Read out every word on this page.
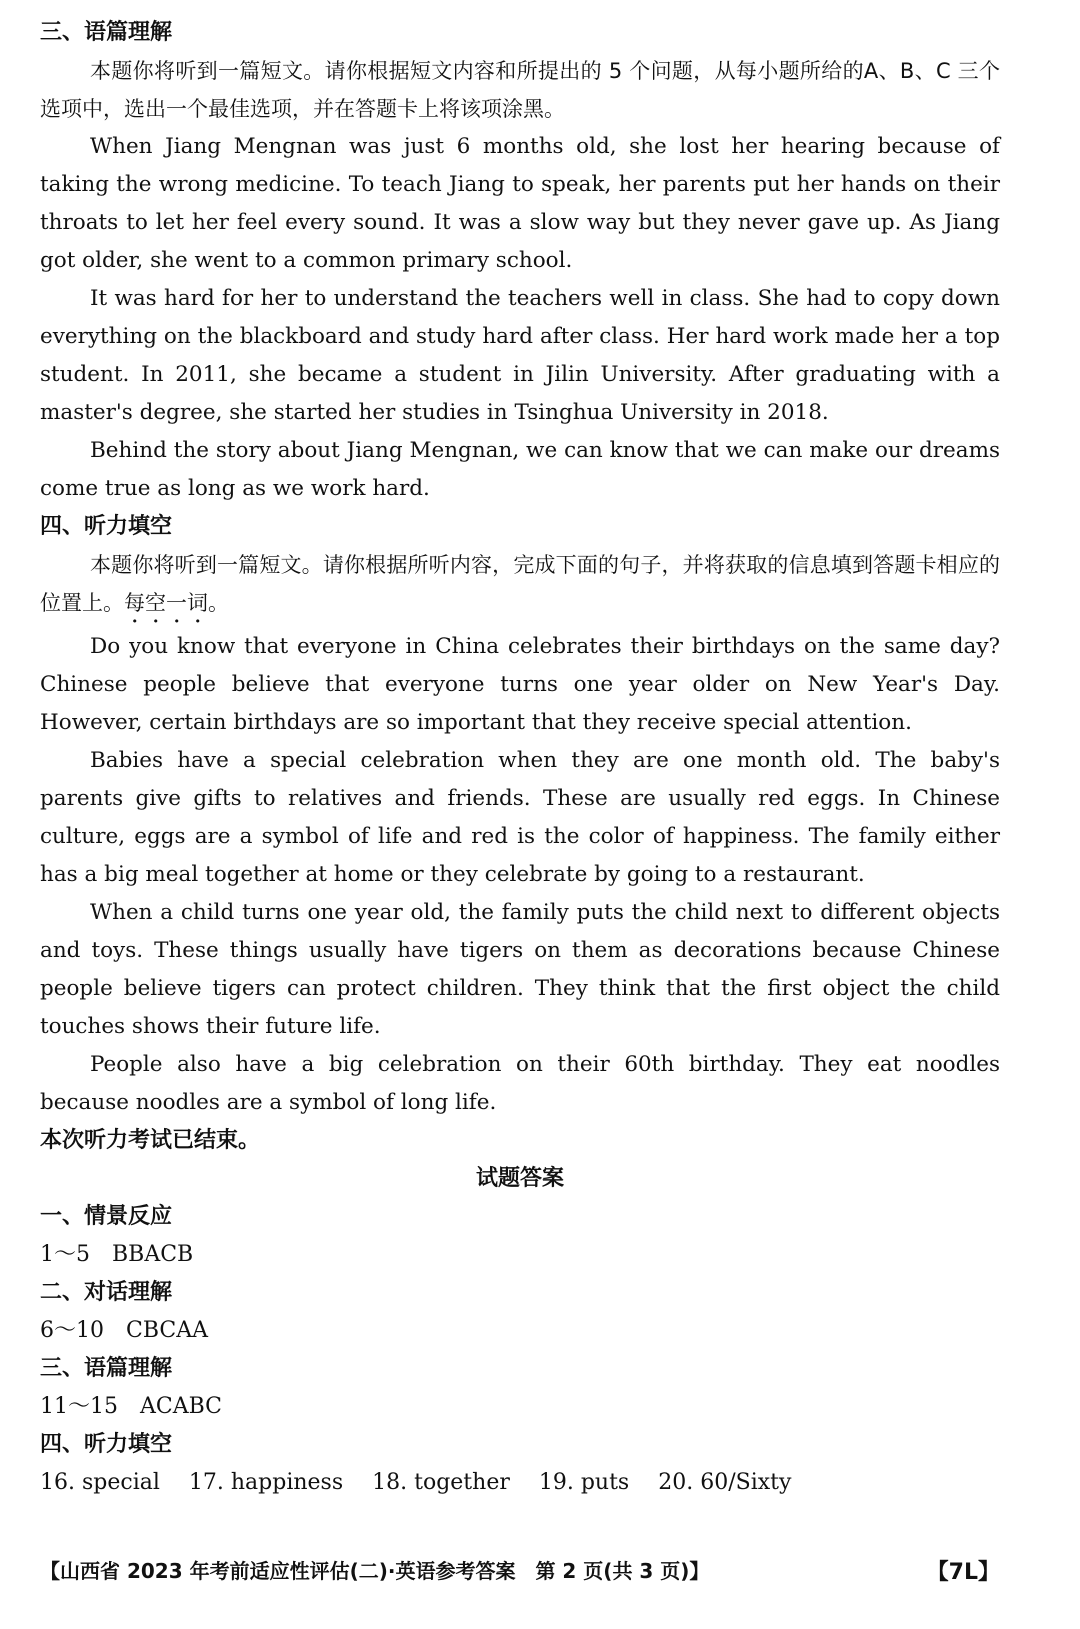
三、语篇理解

本题你将听到一篇短文。请你根据短文内容和所提出的 5 个问题，从每小题所给的A、B、C 三个选项中，选出一个最佳选项，并在答题卡上将该项涂黑。

When Jiang Mengnan was just 6 months old, she lost her hearing because of taking the wrong medicine. To teach Jiang to speak, her parents put her hands on their throats to let her feel every sound. It was a slow way but they never gave up. As Jiang got older, she went to a common primary school.

It was hard for her to understand the teachers well in class. She had to copy down everything on the blackboard and study hard after class. Her hard work made her a top student. In 2011, she became a student in Jilin University. After graduating with a master's degree, she started her studies in Tsinghua University in 2018.

Behind the story about Jiang Mengnan, we can know that we can make our dreams come true as long as we work hard.

四、听力填空

本题你将听到一篇短文。请你根据所听内容，完成下面的句子，并将获取的信息填到答题卡相应的位置上。每空一词。

Do you know that everyone in China celebrates their birthdays on the same day? Chinese people believe that everyone turns one year older on New Year's Day. However, certain birthdays are so important that they receive special attention.

Babies have a special celebration when they are one month old. The baby's parents give gifts to relatives and friends. These are usually red eggs. In Chinese culture, eggs are a symbol of life and red is the color of happiness. The family either has a big meal together at home or they celebrate by going to a restaurant.

When a child turns one year old, the family puts the child next to different objects and toys. These things usually have tigers on them as decorations because Chinese people believe tigers can protect children. They think that the first object the child touches shows their future life.

People also have a big celebration on their 60th birthday. They eat noodles because noodles are a symbol of long life.

本次听力考试已结束。

试题答案

一、情景反应

1～5　BBACB

二、对话理解

6～10　CBCAA

三、语篇理解

11～15　ACABC

四、听力填空

16. special 17. happiness 18. together 19. puts 20. 60/Sixty

【山西省 2023 年考前适应性评估(二)·英语参考答案　第 2 页(共 3 页)】	【7L】
